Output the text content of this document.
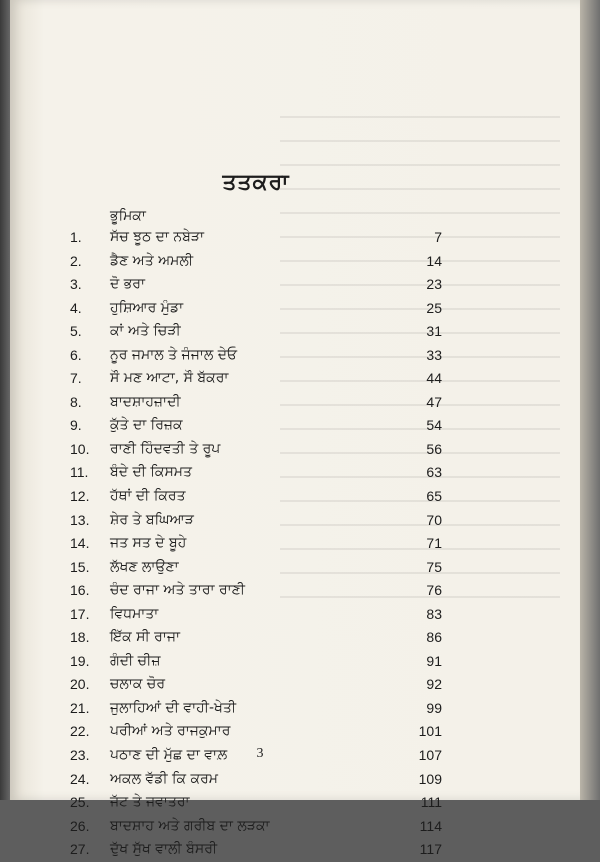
ਤਤਕਰਾ
ਭੂਮਿਕਾ
1.	ਸੱਚ ਝੂਠ ਦਾ ਨਬੇੜਾ	7
2.	ਡੈਣ ਅਤੇ ਅਮਲੀ	14
3.	ਦੋ ਭਰਾ	23
4.	ਹੁਸ਼ਿਆਰ ਮੁੰਡਾ	25
5.	ਕਾਂ ਅਤੇ ਚਿੜੀ	31
6.	ਨੂਰ ਜਮਾਲ ਤੇ ਜੰਜਾਲ ਦੇਓ	33
7.	ਸੌ ਮਣ ਆਟਾ, ਸੌ ਬੱਕਰਾ	44
8.	ਬਾਦਸ਼ਾਹਜ਼ਾਦੀ	47
9.	ਕੁੱਤੇ ਦਾ ਰਿਜ਼ਕ	54
10.	ਰਾਣੀ ਹਿੰਦਵਤੀ ਤੇ ਰੂਪ	56
11.	ਬੰਦੇ ਦੀ ਕਿਸਮਤ	63
12.	ਹੱਥਾਂ ਦੀ ਕਿਰਤ	65
13.	ਸ਼ੇਰ ਤੇ ਬਘਿਆੜ	70
14.	ਜਤ ਸਤ ਦੇ ਬੂਹੇ	71
15.	ਲੱਖਣ ਲਾਉਣਾ	75
16.	ਚੰਦ ਰਾਜਾ ਅਤੇ ਤਾਰਾ ਰਾਣੀ	76
17.	ਵਿਧਮਾਤਾ	83
18.	ਇੱਕ ਸੀ ਰਾਜਾ	86
19.	ਗੰਦੀ ਚੀਜ਼	91
20.	ਚਲਾਕ ਚੋਰ	92
21.	ਜੁਲਾਹਿਆਂ ਦੀ ਵਾਹੀ-ਖੇਤੀ	99
22.	ਪਰੀਆਂ ਅਤੇ ਰਾਜਕੁਮਾਰ	101
23.	ਪਠਾਣ ਦੀ ਮੁੱਛ ਦਾ ਵਾਲ਼	107
24.	ਅਕਲ ਵੱਡੀ ਕਿ ਕਰਮ	109
25.	ਜੱਟ ਤੇ ਜਵਾਤਰਾ	111
26.	ਬਾਦਸ਼ਾਹ ਅਤੇ ਗਰੀਬ ਦਾ ਲੜਕਾ	114
27.	ਦੁੱਖ ਸੁੱਖ ਵਾਲੀ ਬੰਸਰੀ	117
3
